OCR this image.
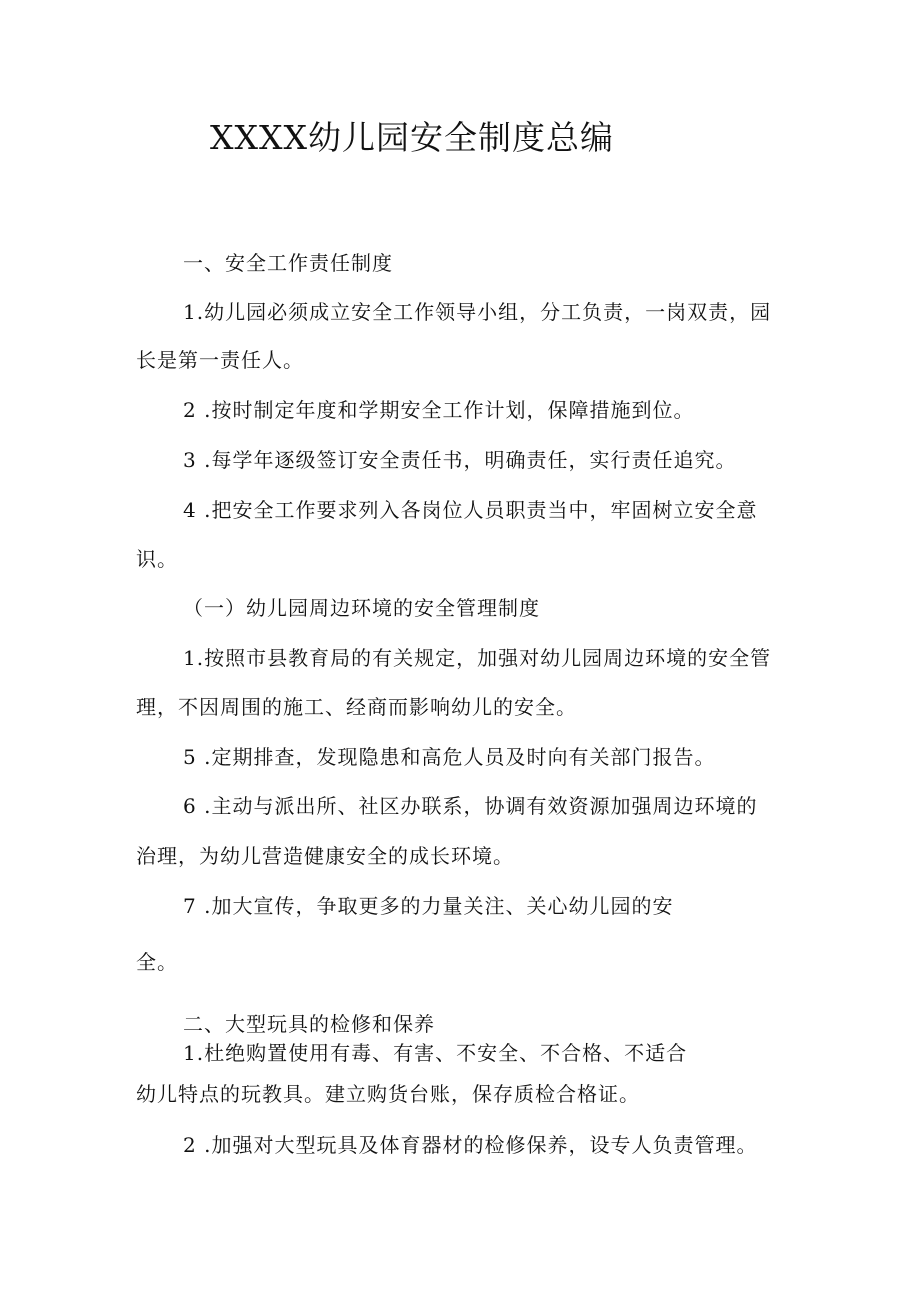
XXXX幼儿园安全制度总编
一、安全工作责任制度
1.幼儿园必须成立安全工作领导小组，分工负责，一岗双责，园
长是第一责任人。
2 .按时制定年度和学期安全工作计划，保障措施到位。
3 .每学年逐级签订安全责任书，明确责任，实行责任追究。
4 .把安全工作要求列入各岗位人员职责当中，牢固树立安全意
识。
（一）幼儿园周边环境的安全管理制度
1.按照市县教育局的有关规定，加强对幼儿园周边环境的安全管
理，不因周围的施工、经商而影响幼儿的安全。
5 .定期排查，发现隐患和高危人员及时向有关部门报告。
6 .主动与派出所、社区办联系，协调有效资源加强周边环境的
治理，为幼儿营造健康安全的成长环境。
7 .加大宣传，争取更多的力量关注、关心幼儿园的安
全。
二、大型玩具的检修和保养
1.杜绝购置使用有毒、有害、不安全、不合格、不适合
幼儿特点的玩教具。建立购货台账，保存质检合格证。
2 .加强对大型玩具及体育器材的检修保养，设专人负责管理。
